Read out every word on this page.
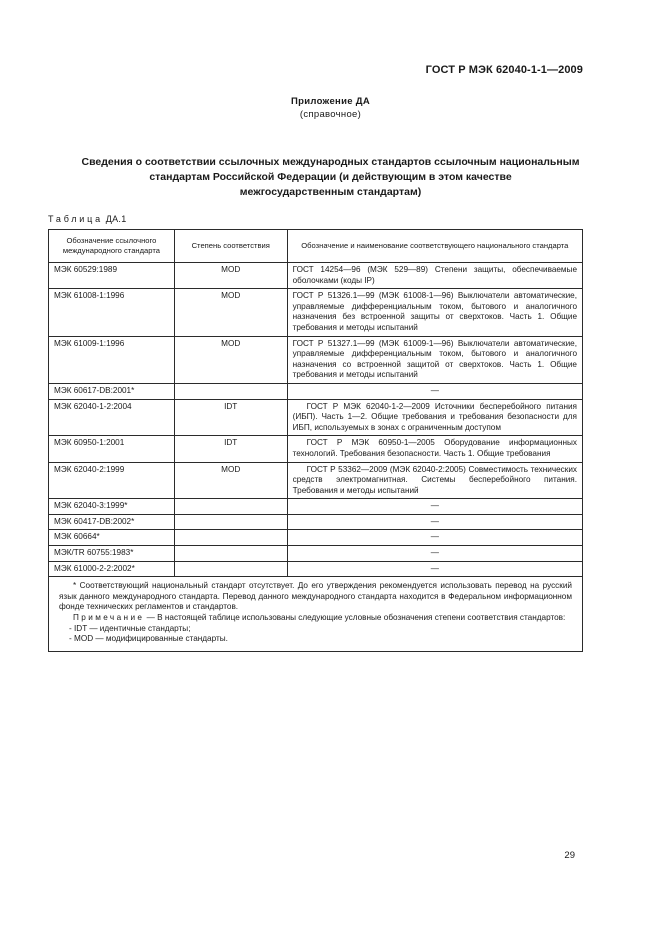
ГОСТ Р МЭК 62040-1-1—2009
Приложение ДА
(справочное)
Сведения о соответствии ссылочных международных стандартов ссылочным национальным
стандартам Российской Федерации (и действующим в этом качестве
межгосударственным стандартам)
Таблица ДА.1
Обозначение ссылочного международного стандарта	Степень соответствия	Обозначение и наименование соответствующего национального стандарта
МЭК 60529:1989	MOD	ГОСТ 14254—96 (МЭК 529—89) Степени защиты, обеспечиваемые оболочками (коды IP)
МЭК 61008-1:1996	MOD	ГОСТ Р 51326.1—99 (МЭК 61008-1—96) Выключатели автоматические, управляемые дифференциальным током, бытового и аналогичного назначения без встроенной защиты от сверхтоков. Часть 1. Общие требования и методы испытаний
МЭК 61009-1:1996	MOD	ГОСТ Р 51327.1—99 (МЭК 61009-1—96) Выключатели автоматические, управляемые дифференциальным током, бытового и аналогичного назначения со встроенной защитой от сверхтоков. Часть 1. Общие требования и методы испытаний
МЭК 60617-DB:2001*		—
МЭК 62040-1-2:2004	IDT	ГОСТ Р МЭК 62040-1-2—2009 Источники бесперебойного питания (ИБП). Часть 1—2. Общие требования и требования безопасности для ИБП, используемых в зонах с ограниченным доступом
МЭК 60950-1:2001	IDT	ГОСТ Р МЭК 60950-1—2005 Оборудование информационных технологий. Требования безопасности. Часть 1. Общие требования
МЭК 62040-2:1999	MOD	ГОСТ Р 53362—2009 (МЭК 62040-2:2005) Совместимость технических средств электромагнитная. Системы бесперебойного питания. Требования и методы испытаний
МЭК 62040-3:1999*		—
МЭК 60417-DB:2002*		—
МЭК 60664*		—
МЭК/TR 60755:1983*		—
МЭК 61000-2-2:2002*		—

* Соответствующий национальный стандарт отсутствует. До его утверждения рекомендуется использовать перевод на русский язык данного международного стандарта. Перевод данного международного стандарта находится в Федеральном информационном фонде технических регламентов и стандартов.
Примечание — В настоящей таблице использованы следующие условные обозначения степени соответствия стандартов:
- IDT — идентичные стандарты;
- MOD — модифицированные стандарты.		
29
